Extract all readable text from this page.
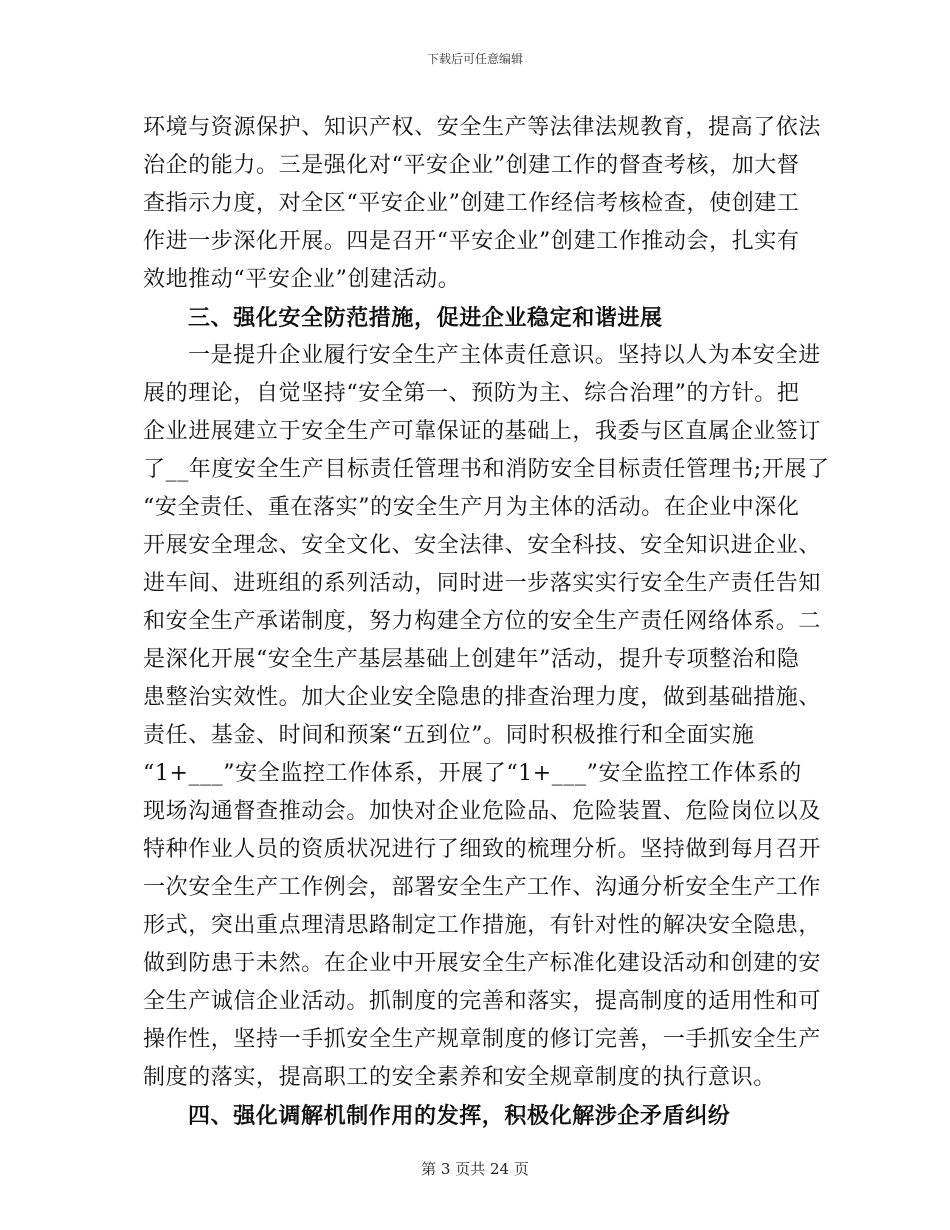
下载后可任意编辑
环境与资源保护、知识产权、安全生产等法律法规教育，提高了依法
治企的能力。三是强化对“平安企业”创建工作的督查考核，加大督
查指示力度，对全区“平安企业”创建工作经信考核检查，使创建工
作进一步深化开展。四是召开“平安企业”创建工作推动会，扎实有
效地推动“平安企业”创建活动。
三、强化安全防范措施，促进企业稳定和谐进展
一是提升企业履行安全生产主体责任意识。坚持以人为本安全进
展的理论，自觉坚持“安全第一、预防为主、综合治理”的方针。把
企业进展建立于安全生产可靠保证的基础上，我委与区直属企业签订
了__年度安全生产目标责任管理书和消防安全目标责任管理书;开展了
“安全责任、重在落实”的安全生产月为主体的活动。在企业中深化
开展安全理念、安全文化、安全法律、安全科技、安全知识进企业、
进车间、进班组的系列活动，同时进一步落实实行安全生产责任告知
和安全生产承诺制度，努力构建全方位的安全生产责任网络体系。二
是深化开展“安全生产基层基础上创建年”活动，提升专项整治和隐
患整治实效性。加大企业安全隐患的排查治理力度，做到基础措施、
责任、基金、时间和预案“五到位”。同时积极推行和全面实施
“1+___”安全监控工作体系，开展了“1+___”安全监控工作体系的
现场沟通督查推动会。加快对企业危险品、危险装置、危险岗位以及
特种作业人员的资质状况进行了细致的梳理分析。坚持做到每月召开
一次安全生产工作例会，部署安全生产工作、沟通分析安全生产工作
形式，突出重点理清思路制定工作措施，有针对性的解决安全隐患，
做到防患于未然。在企业中开展安全生产标准化建设活动和创建的安
全生产诚信企业活动。抓制度的完善和落实，提高制度的适用性和可
操作性，坚持一手抓安全生产规章制度的修订完善，一手抓安全生产
制度的落实，提高职工的安全素养和安全规章制度的执行意识。
四、强化调解机制作用的发挥，积极化解涉企矛盾纠纷
第 3 页共 24 页
